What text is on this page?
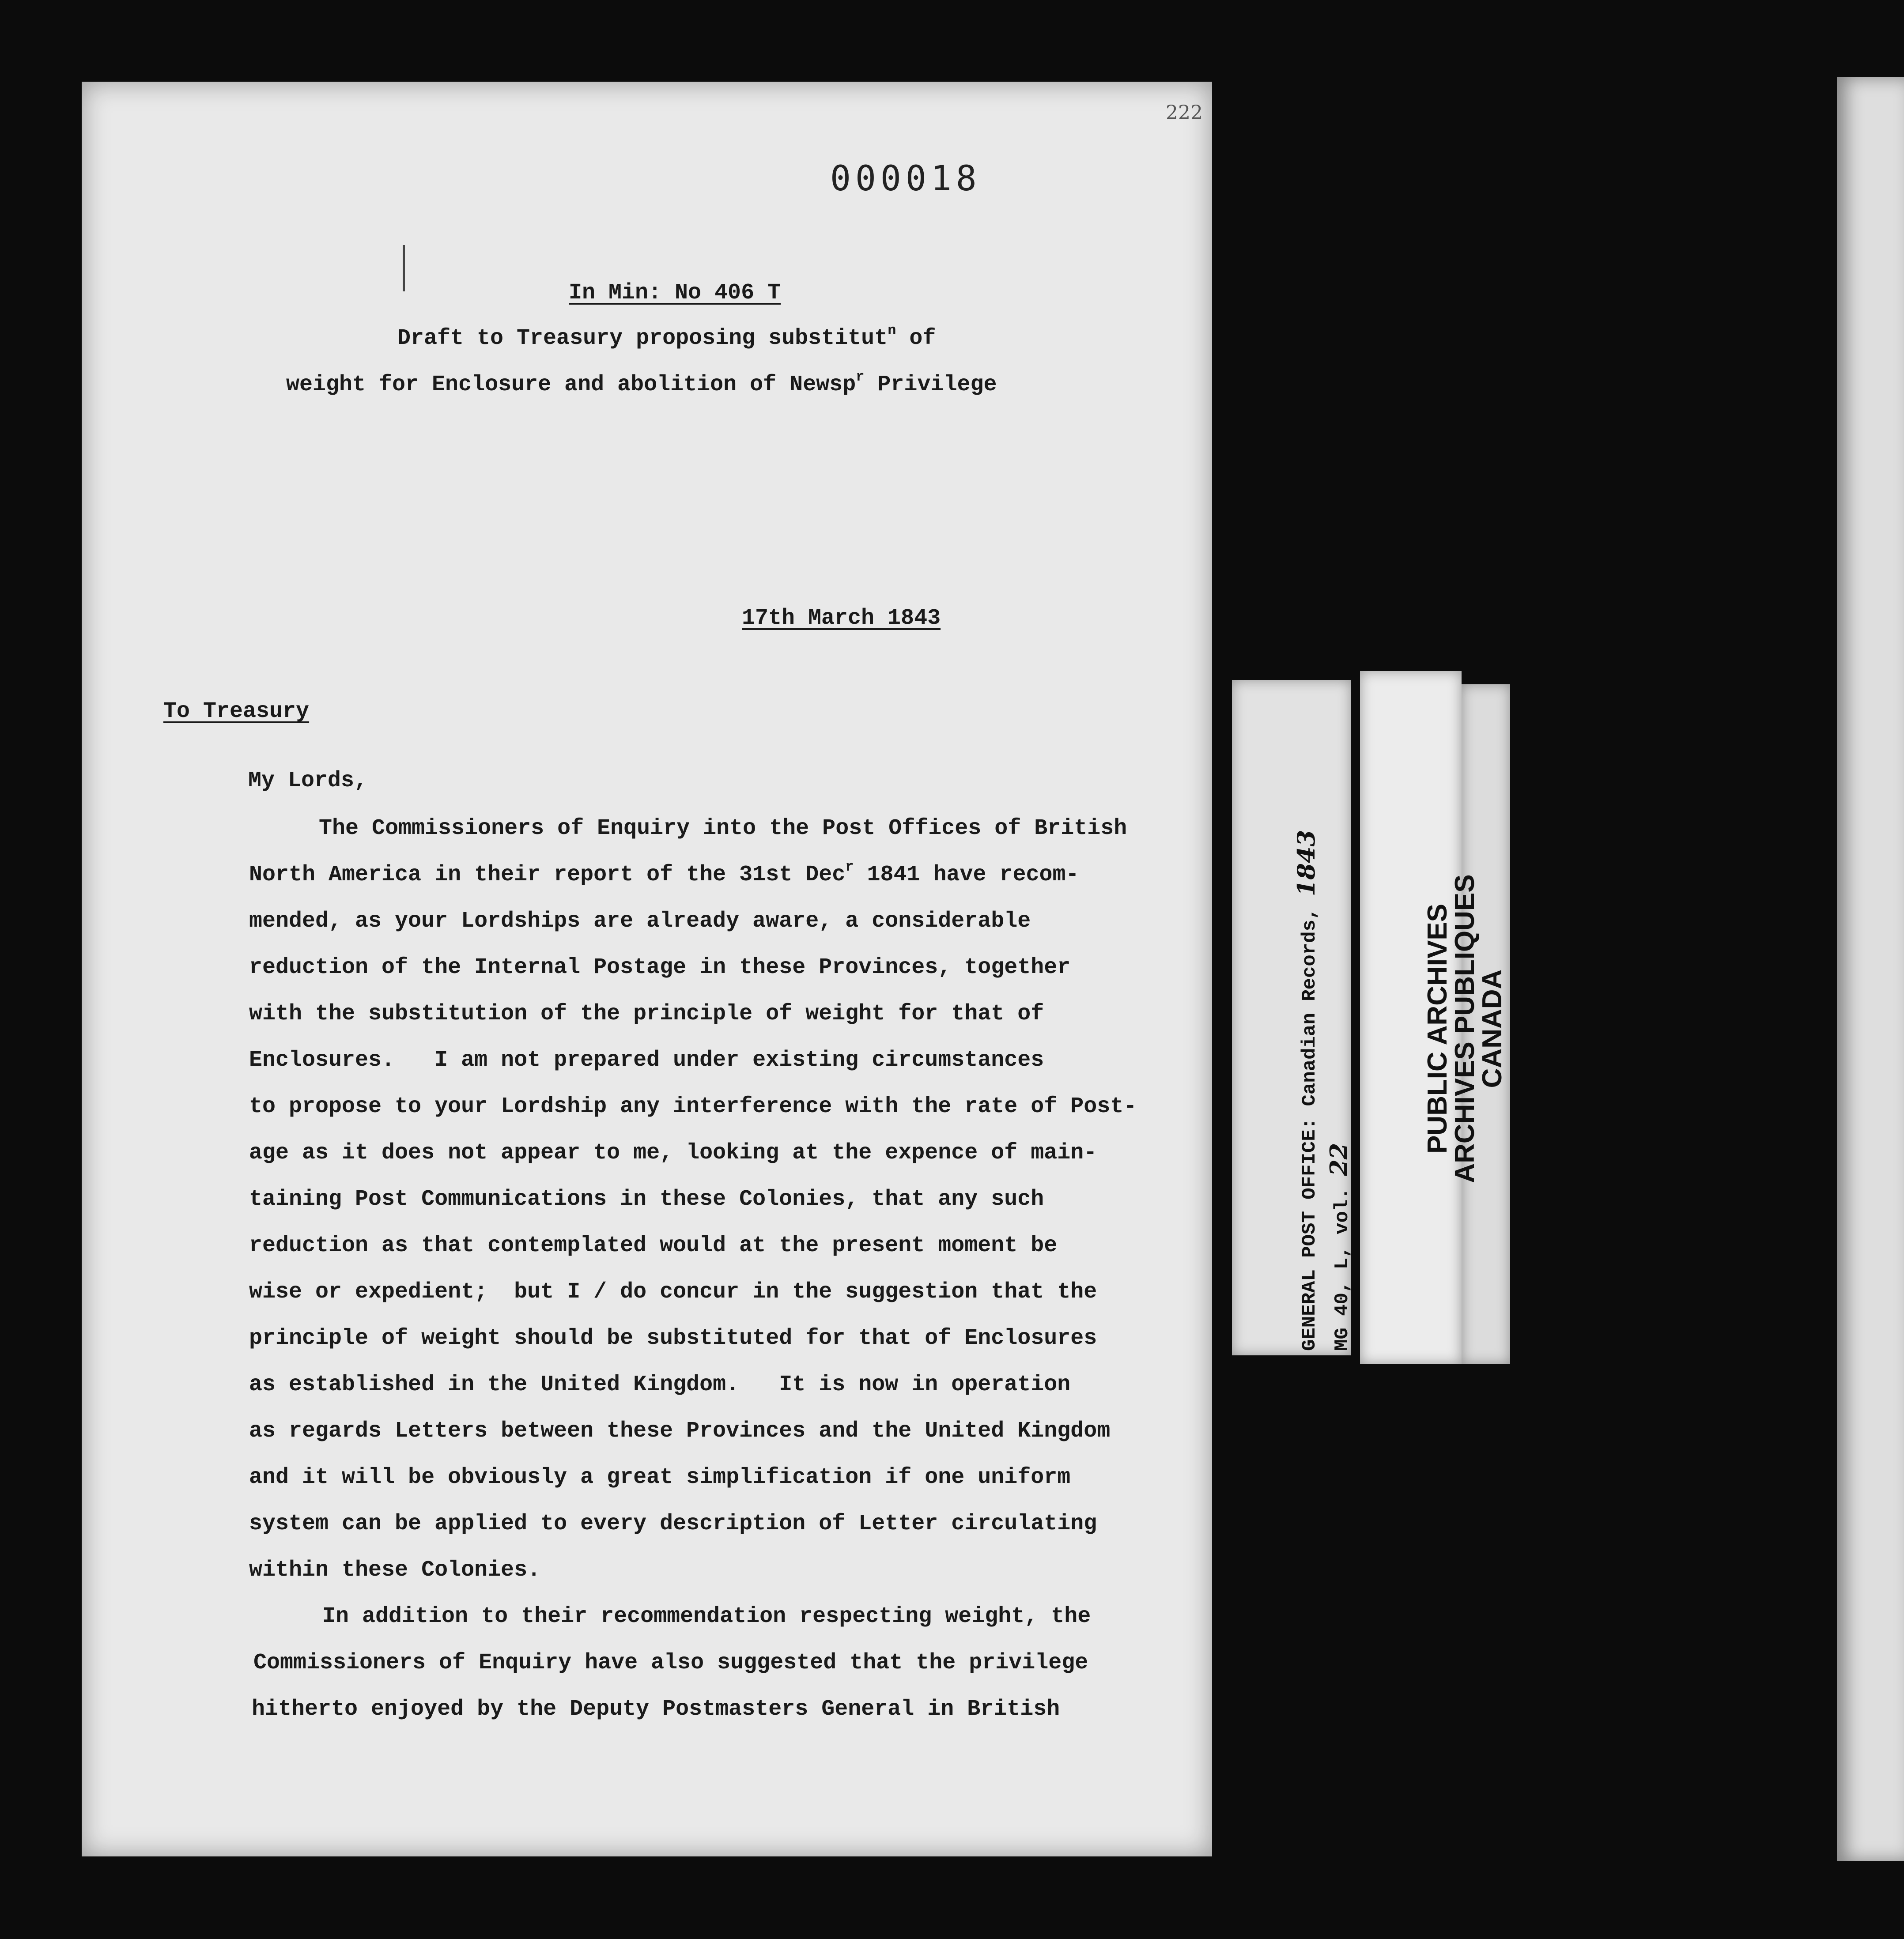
222
000018
In Min: No 406 T
Draft to Treasury proposing substitut$^n$ of
weight for Enclosure and abolition of Newsp$^r$ Privilege
17th March 1843
To Treasury
My Lords,
The Commissioners of Enquiry into the Post Offices of British
North America in their report of the 31st Dec$^r$ 1841 have recom-
mended, as your Lordships are already aware, a considerable
reduction of the Internal Postage in these Provinces, together
with the substitution of the principle of weight for that of
Enclosures.   I am not prepared under existing circumstances
to propose to your Lordship any interference with the rate of Post-
age as it does not appear to me, looking at the expence of main-
taining Post Communications in these Colonies, that any such
reduction as that contemplated would at the present moment be
wise or expedient;  but I / do concur in the suggestion that the
principle of weight should be substituted for that of Enclosures
as established in the United Kingdom.   It is now in operation
as regards Letters between these Provinces and the United Kingdom
and it will be obviously a great simplification if one uniform
system can be applied to every description of Letter circulating
within these Colonies.
In addition to their recommendation respecting weight, the
Commissioners of Enquiry have also suggested that the privilege
hitherto enjoyed by the Deputy Postmasters General in British
GENERAL POST OFFICE: Canadian Records, 1843
MG 40, L, vol. 22
PUBLIC ARCHIVES
ARCHIVES PUBLIQUES
CANADA
